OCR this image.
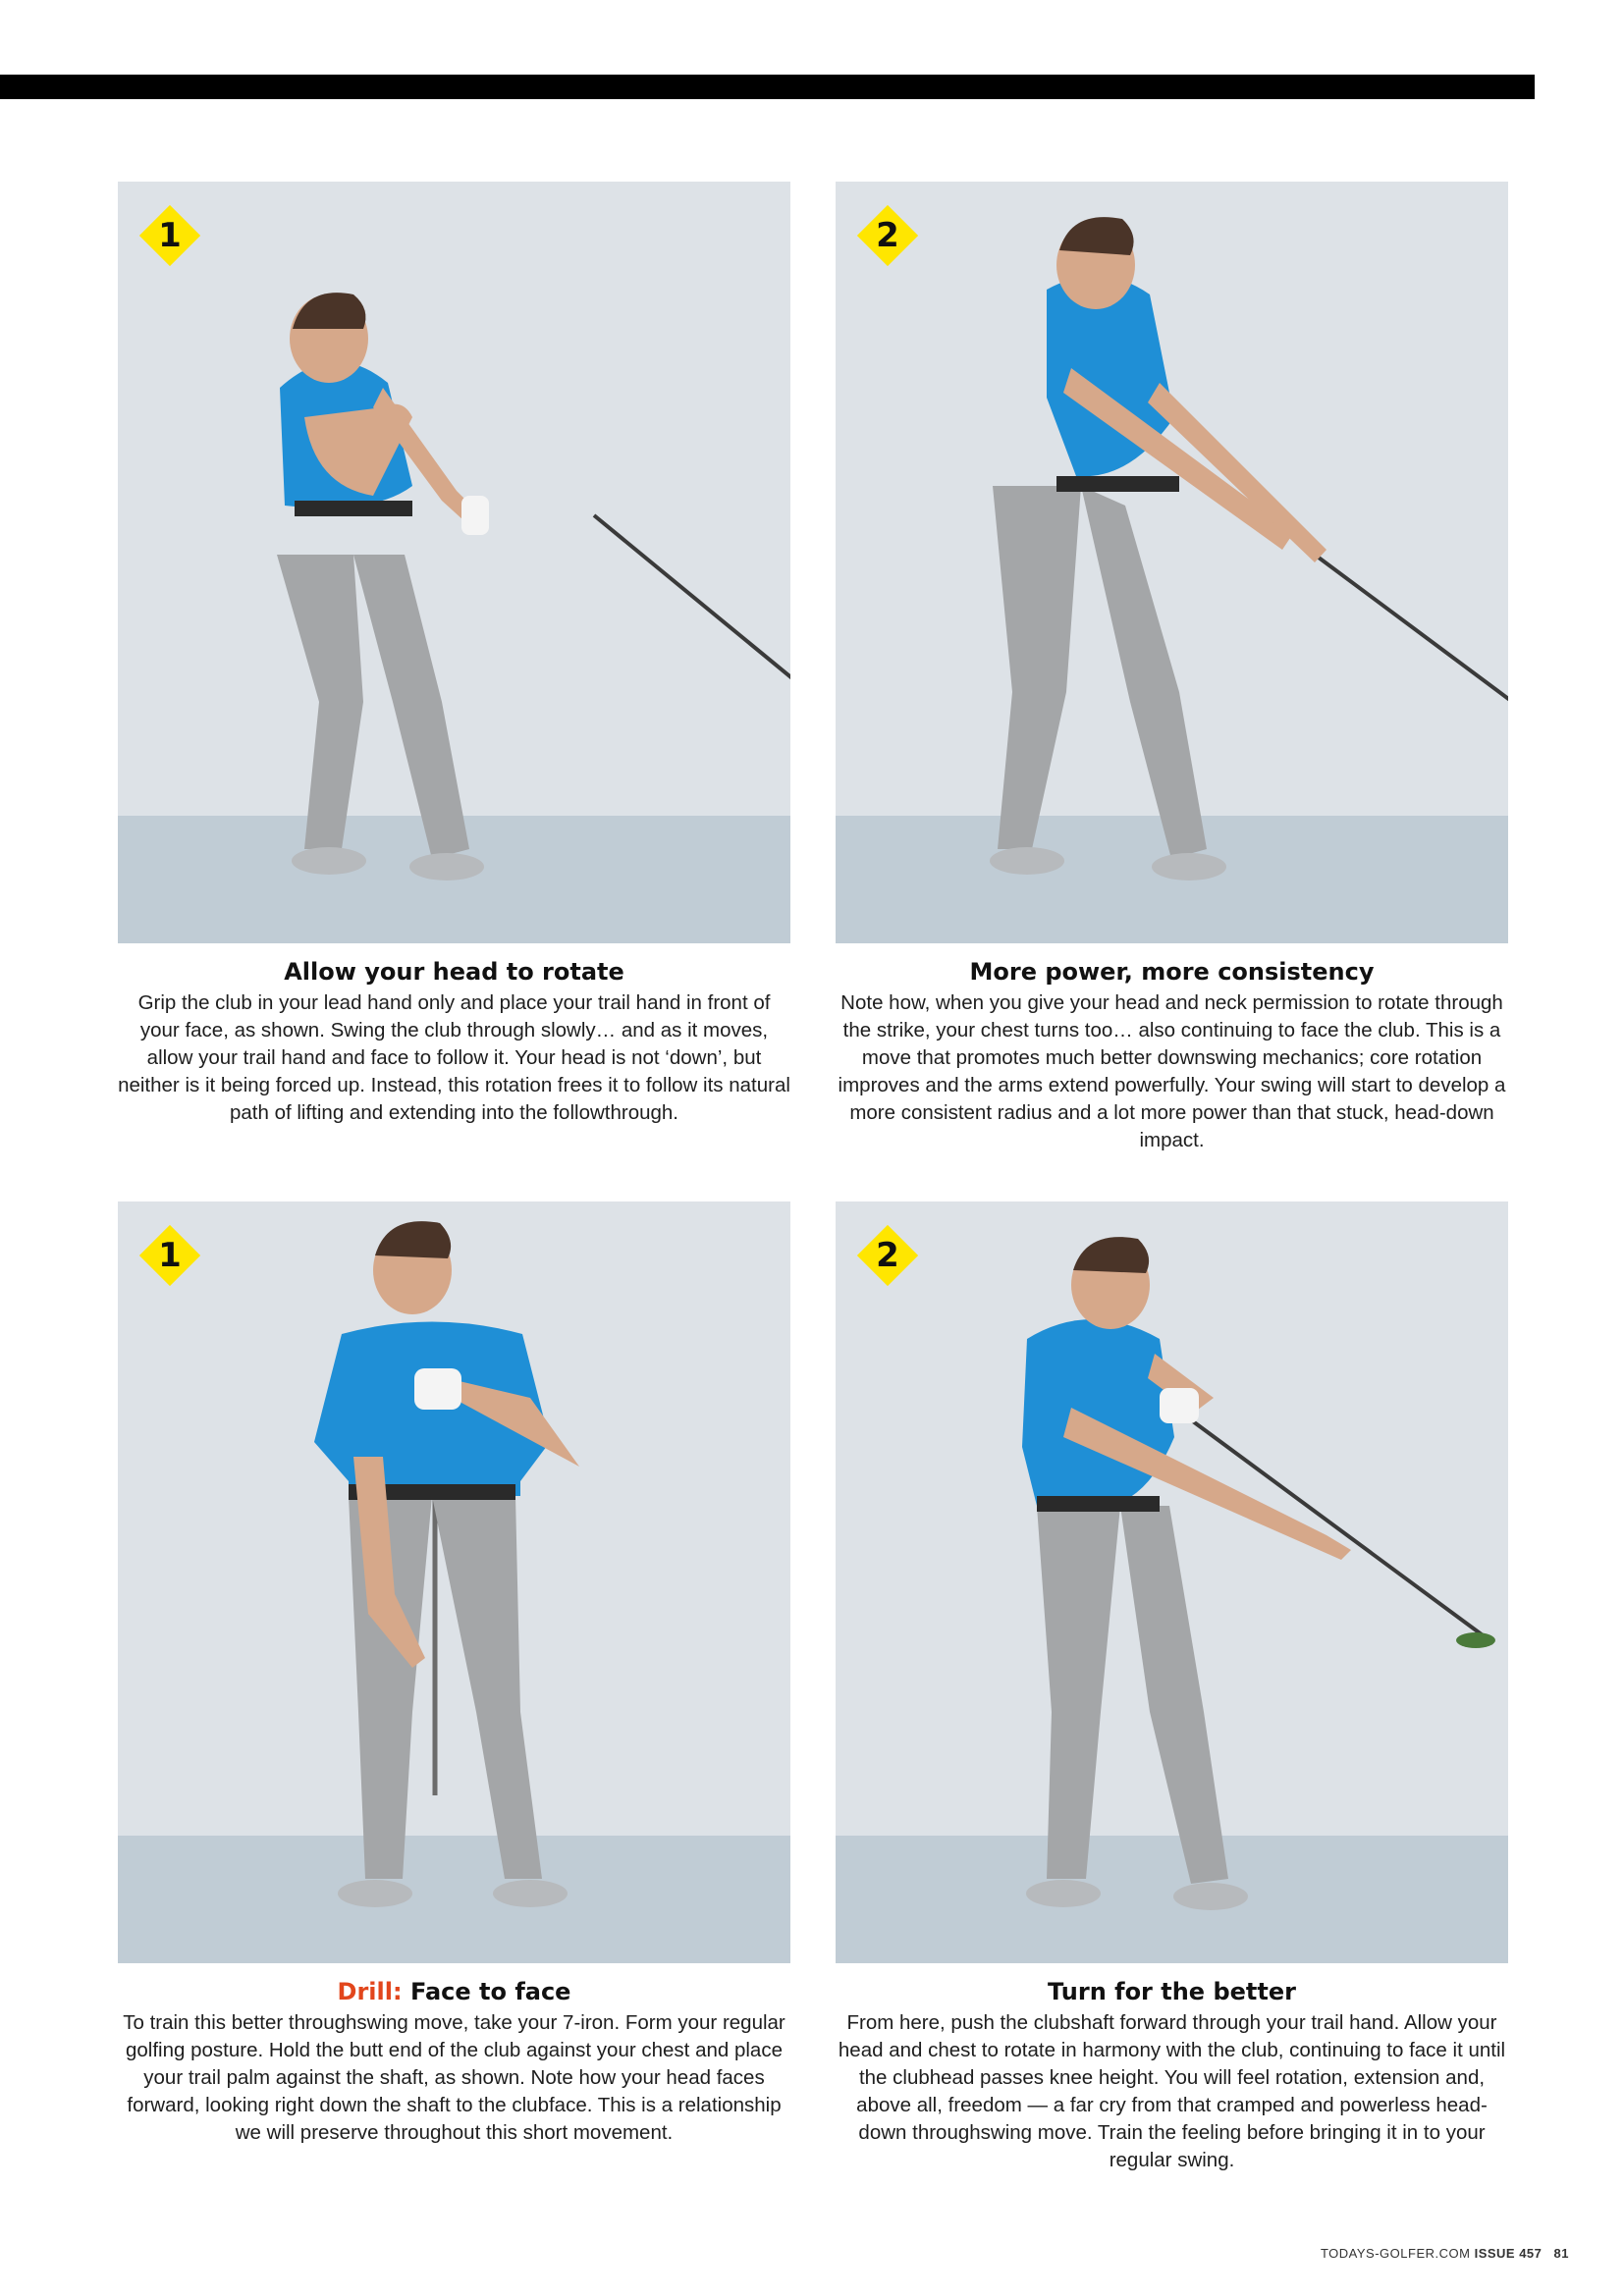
1
Allow your head to rotate

Grip the club in your lead hand only and place your trail hand in front of your face, as shown. Swing the club through slowly… and as it moves, allow your trail hand and face to follow it. Your head is not ‘down’, but neither is it being forced up. Instead, this rotation frees it to follow its natural path of lifting and extending into the followthrough.

2
More power, more consistency

Note how, when you give your head and neck permission to rotate through the strike, your chest turns too… also continuing to face the club. This is a move that promotes much better downswing mechanics; core rotation improves and the arms extend powerfully. Your swing will start to develop a more consistent radius and a lot more power than that stuck, head-down impact.

1
Drill: Face to face

To train this better throughswing move, take your 7-iron. Form your regular golfing posture. Hold the butt end of the club against your chest and place your trail palm against the shaft, as shown. Note how your head faces forward, looking right down the shaft to the clubface. This is a relationship we will preserve throughout this short movement.

2
Turn for the better

From here, push the clubshaft forward through your trail hand. Allow your head and chest to rotate in harmony with the club, continuing to face it until the clubhead passes knee height. You will feel rotation, extension and, above all, freedom — a far cry from that cramped and powerless head-down throughswing move. Train the feeling before bringing it in to your regular swing.

TODAYS-GOLFER.COM ISSUE 457 81
